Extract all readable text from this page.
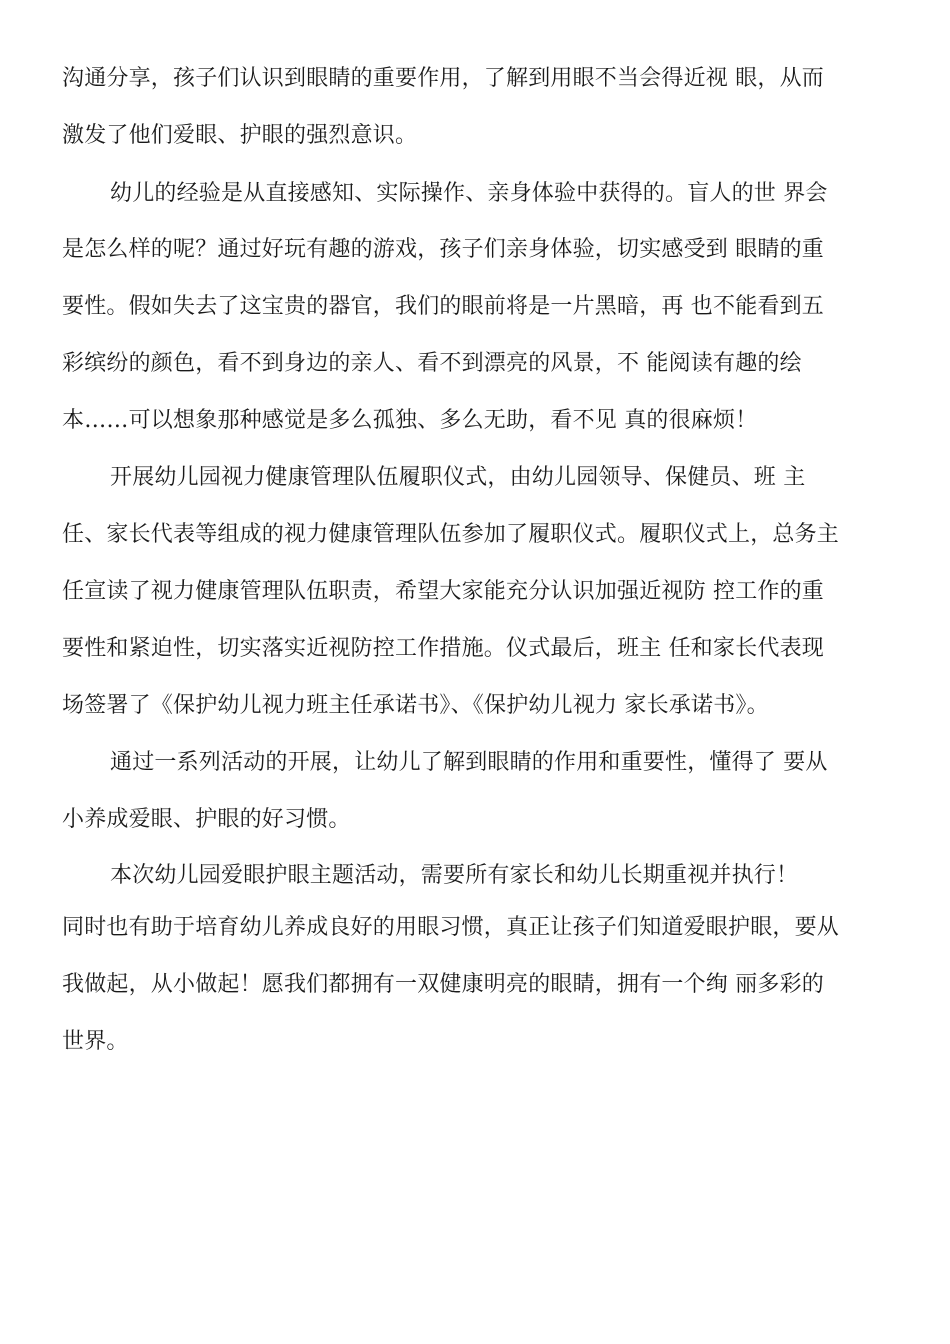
沟通分享，孩子们认识到眼睛的重要作用，了解到用眼不当会得近视 眼，从而
激发了他们爱眼、护眼的强烈意识。
幼儿的经验是从直接感知、实际操作、亲身体验中获得的。盲人的世 界会
是怎么样的呢？通过好玩有趣的游戏，孩子们亲身体验，切实感受到 眼睛的重
要性。假如失去了这宝贵的器官，我们的眼前将是一片黑暗，再 也不能看到五
彩缤纷的颜色，看不到身边的亲人、看不到漂亮的风景，不 能阅读有趣的绘
本……可以想象那种感觉是多么孤独、多么无助，看不见 真的很麻烦！
开展幼儿园视力健康管理队伍履职仪式，由幼儿园领导、保健员、班 主
任、家长代表等组成的视力健康管理队伍参加了履职仪式。履职仪式上，总务主
任宣读了视力健康管理队伍职责，希望大家能充分认识加强近视防 控工作的重
要性和紧迫性，切实落实近视防控工作措施。仪式最后，班主 任和家长代表现
场签署了《保护幼儿视力班主任承诺书》、《保护幼儿视力 家长承诺书》。
通过一系列活动的开展，让幼儿了解到眼睛的作用和重要性，懂得了 要从
小养成爱眼、护眼的好习惯。
本次幼儿园爱眼护眼主题活动，需要所有家长和幼儿长期重视并执行！
同时也有助于培育幼儿养成良好的用眼习惯，真正让孩子们知道爱眼护眼，要从
我做起，从小做起！愿我们都拥有一双健康明亮的眼睛，拥有一个绚 丽多彩的
世界。
